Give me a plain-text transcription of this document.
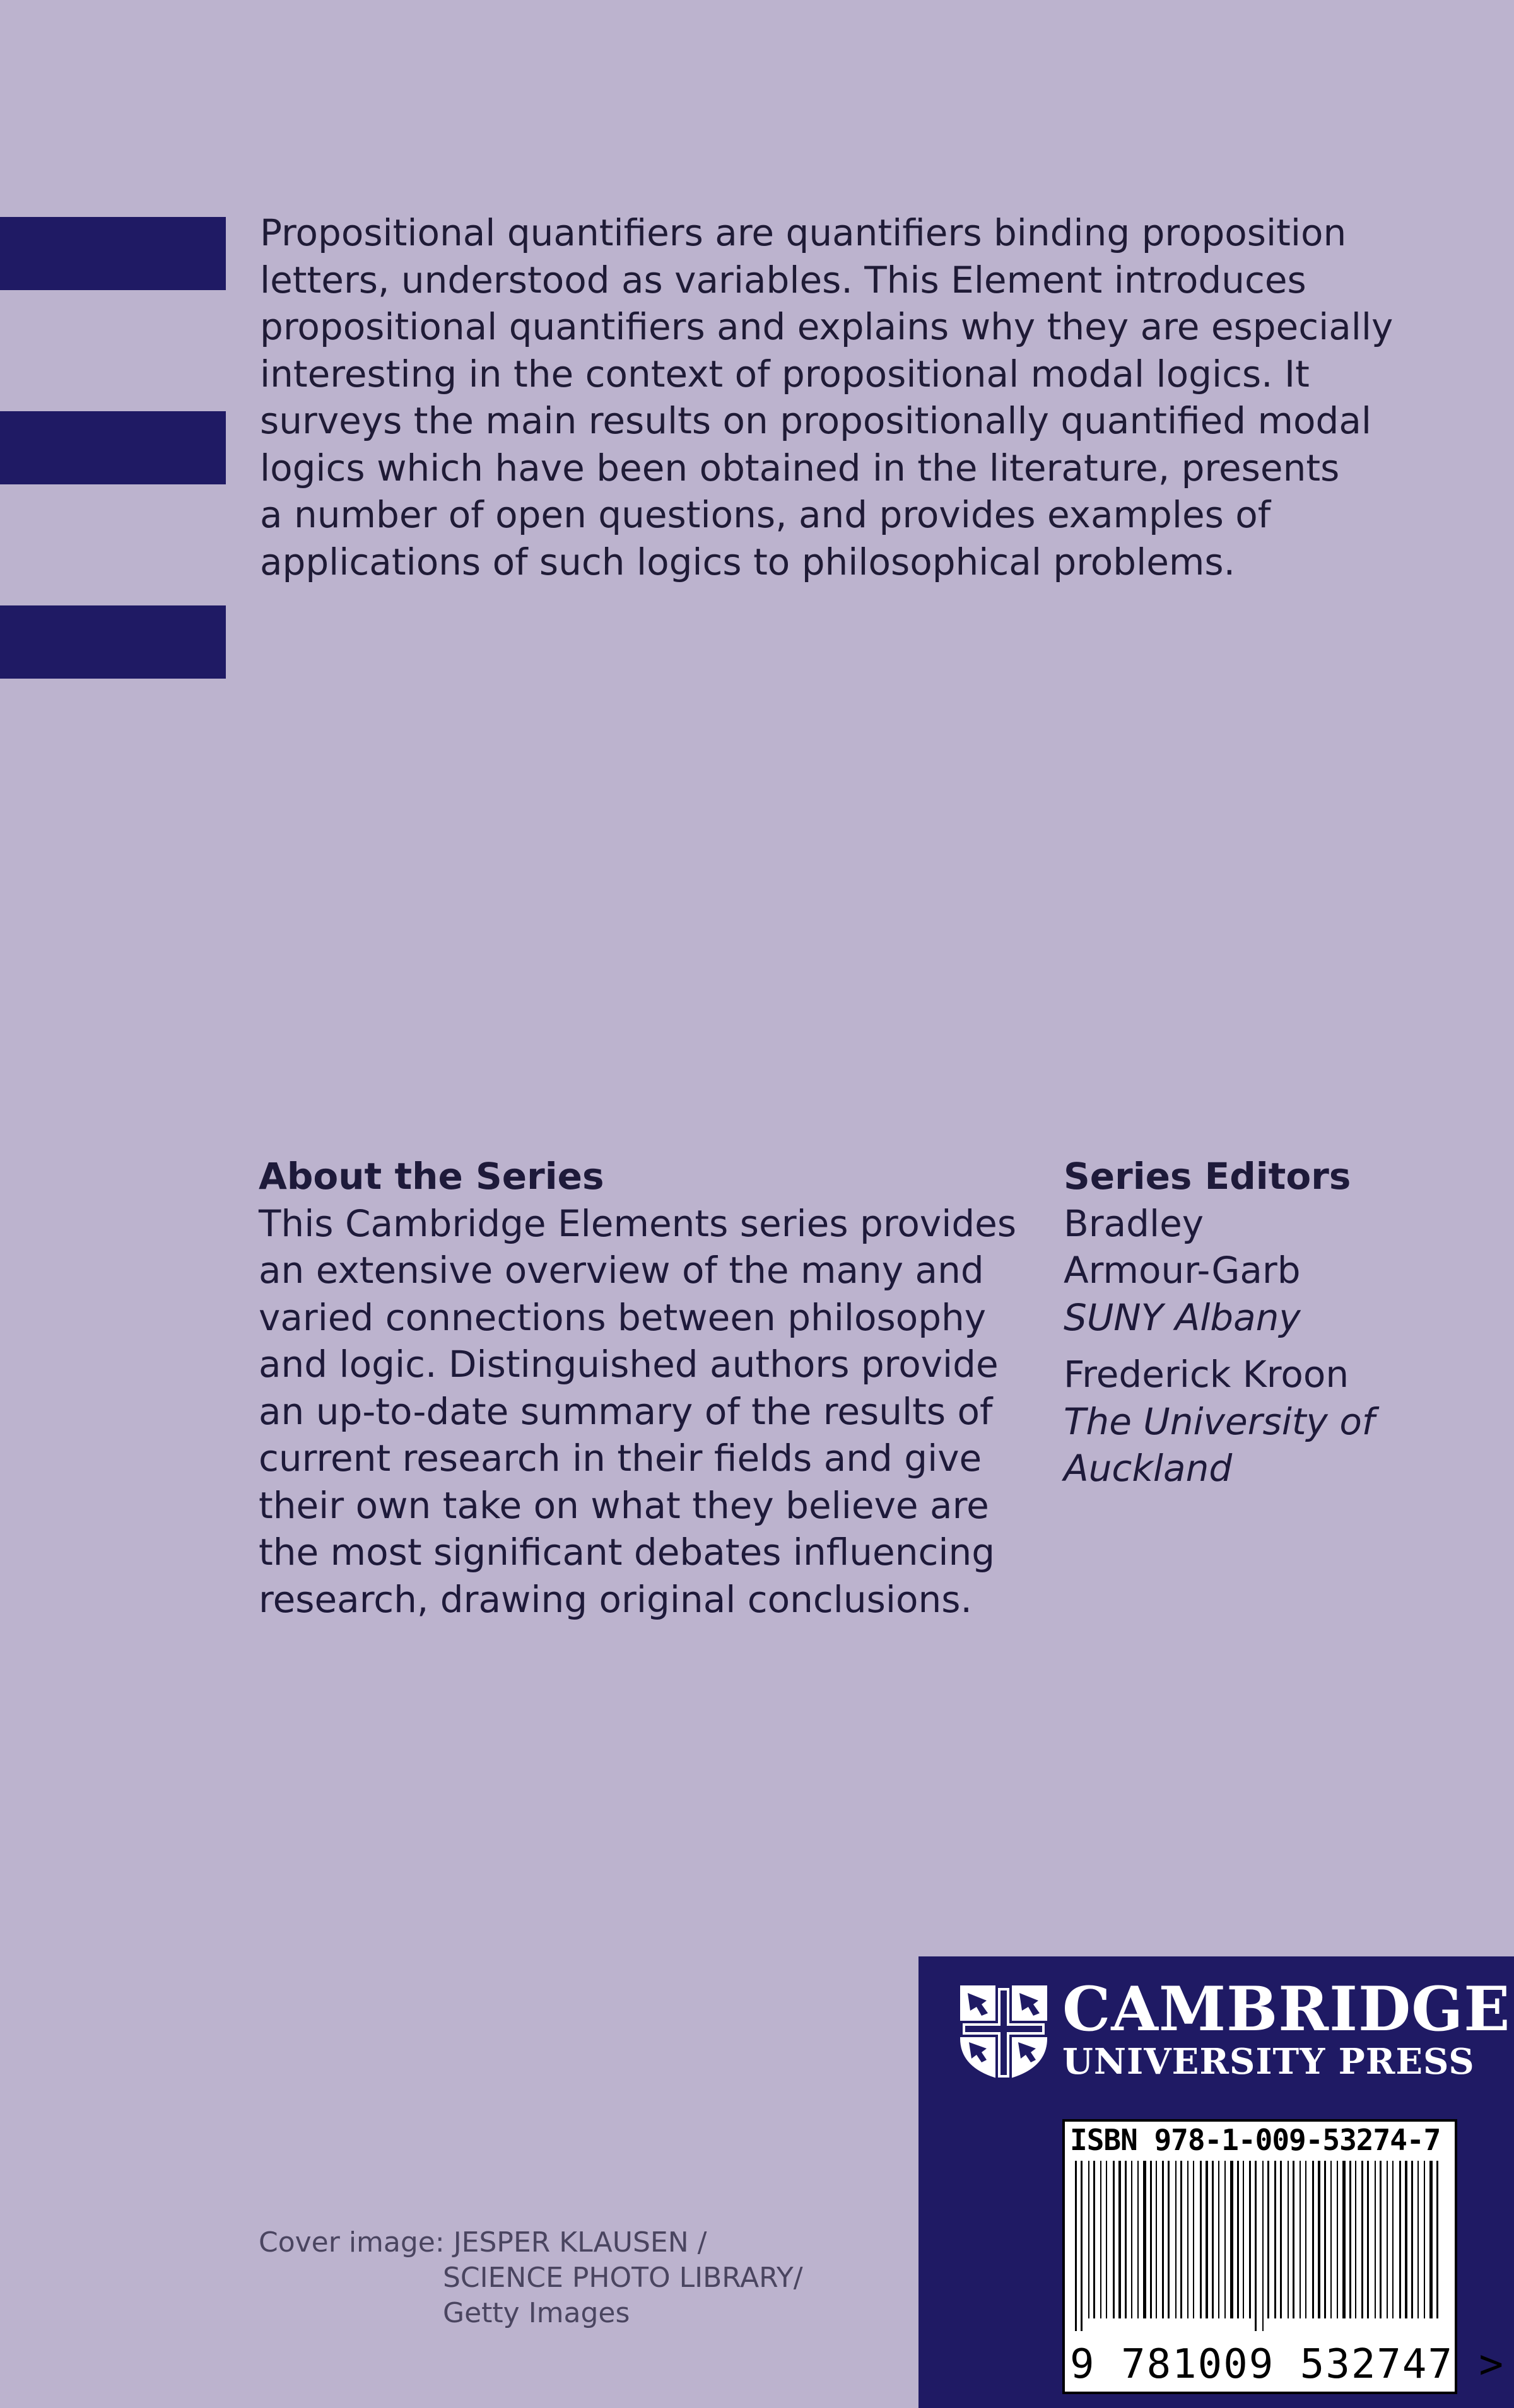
Propositional quantifiers are quantifiers binding proposition
letters, understood as variables. This Element introduces
propositional quantifiers and explains why they are especially
interesting in the context of propositional modal logics. It
surveys the main results on propositionally quantified modal
logics which have been obtained in the literature, presents
a number of open questions, and provides examples of
applications of such logics to philosophical problems.
About the Series
This Cambridge Elements series provides
an extensive overview of the many and
varied connections between philosophy
and logic. Distinguished authors provide
an up-to-date summary of the results of
current research in their fields and give
their own take on what they believe are
the most significant debates influencing
research, drawing original conclusions.
Series Editors
Bradley
Armour-Garb
SUNY Albany
Frederick Kroon
The University of
Auckland
Cover image: JESPER KLAUSEN /
SCIENCE PHOTO LIBRARY/
Getty Images
CAMBRIDGE
UNIVERSITY PRESS
ISBN 978-1-009-53274-7
9 781009 532747 >
